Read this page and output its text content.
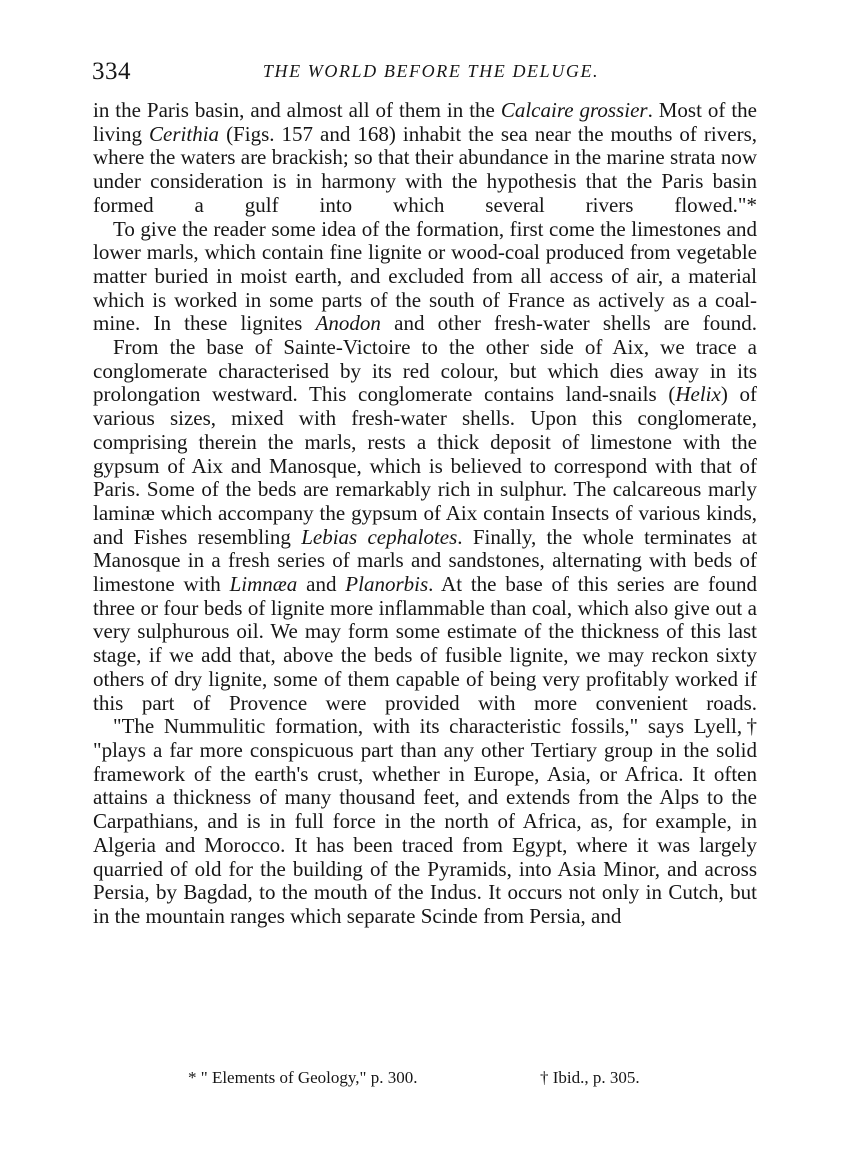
334	THE WORLD BEFORE THE DELUGE.

in the Paris basin, and almost all of them in the Calcaire grossier. Most of the living Cerithia (Figs. 157 and 168) inhabit the sea near the mouths of rivers, where the waters are brackish; so that their abundance in the marine strata now under consideration is in harmony with the hypothesis that the Paris basin formed a gulf into which several rivers flowed."*

To give the reader some idea of the formation, first come the limestones and lower marls, which contain fine lignite or wood-coal produced from vegetable matter buried in moist earth, and excluded from all access of air, a material which is worked in some parts of the south of France as actively as a coal-mine. In these lignites Anodon and other fresh-water shells are found.

From the base of Sainte-Victoire to the other side of Aix, we trace a conglomerate characterised by its red colour, but which dies away in its prolongation westward. This conglomerate contains land-snails (Helix) of various sizes, mixed with fresh-water shells. Upon this conglomerate, comprising therein the marls, rests a thick deposit of limestone with the gypsum of Aix and Manosque, which is believed to correspond with that of Paris. Some of the beds are remarkably rich in sulphur. The calcareous marly laminæ which accompany the gypsum of Aix contain Insects of various kinds, and Fishes resembling Lebias cephalotes. Finally, the whole terminates at Manosque in a fresh series of marls and sandstones, alternating with beds of limestone with Limnæa and Planorbis. At the base of this series are found three or four beds of lignite more inflammable than coal, which also give out a very sulphurous oil. We may form some estimate of the thickness of this last stage, if we add that, above the beds of fusible lignite, we may reckon sixty others of dry lignite, some of them capable of being very profitably worked if this part of Provence were provided with more convenient roads.

"The Nummulitic formation, with its characteristic fossils," says Lyell,† "plays a far more conspicuous part than any other Tertiary group in the solid framework of the earth's crust, whether in Europe, Asia, or Africa. It often attains a thickness of many thousand feet, and extends from the Alps to the Carpathians, and is in full force in the north of Africa, as, for example, in Algeria and Morocco. It has been traced from Egypt, where it was largely quarried of old for the building of the Pyramids, into Asia Minor, and across Persia, by Bagdad, to the mouth of the Indus. It occurs not only in Cutch, but in the mountain ranges which separate Scinde from Persia, and

* " Elements of Geology," p. 300.	† Ibid., p. 305.
